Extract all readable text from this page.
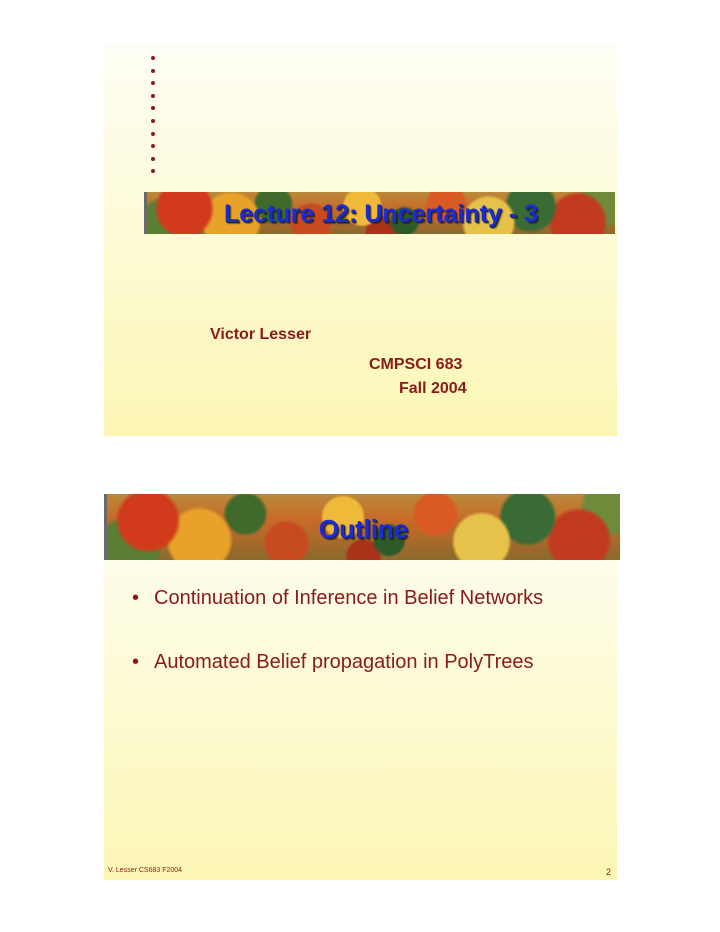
Lecture 12: Uncertainty - 3
Victor Lesser
CMPSCI 683
Fall 2004
Outline
• Continuation of Inference in Belief Networks
• Automated Belief propagation in PolyTrees
V. Lesser CS683 F2004	2
